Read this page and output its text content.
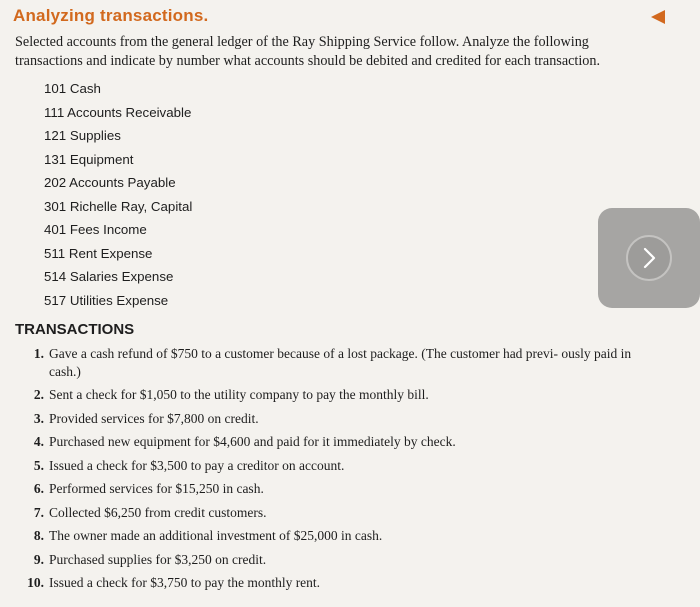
Analyzing transactions.
Selected accounts from the general ledger of the Ray Shipping Service follow. Analyze the following transactions and indicate by number what accounts should be debited and credited for each transaction.
101 Cash
111 Accounts Receivable
121 Supplies
131 Equipment
202 Accounts Payable
301 Richelle Ray, Capital
401 Fees Income
511 Rent Expense
514 Salaries Expense
517 Utilities Expense
TRANSACTIONS
1. Gave a cash refund of $750 to a customer because of a lost package. (The customer had previ- ously paid in cash.)
2. Sent a check for $1,050 to the utility company to pay the monthly bill.
3. Provided services for $7,800 on credit.
4. Purchased new equipment for $4,600 and paid for it immediately by check.
5. Issued a check for $3,500 to pay a creditor on account.
6. Performed services for $15,250 in cash.
7. Collected $6,250 from credit customers.
8. The owner made an additional investment of $25,000 in cash.
9. Purchased supplies for $3,250 on credit.
10. Issued a check for $3,750 to pay the monthly rent.
